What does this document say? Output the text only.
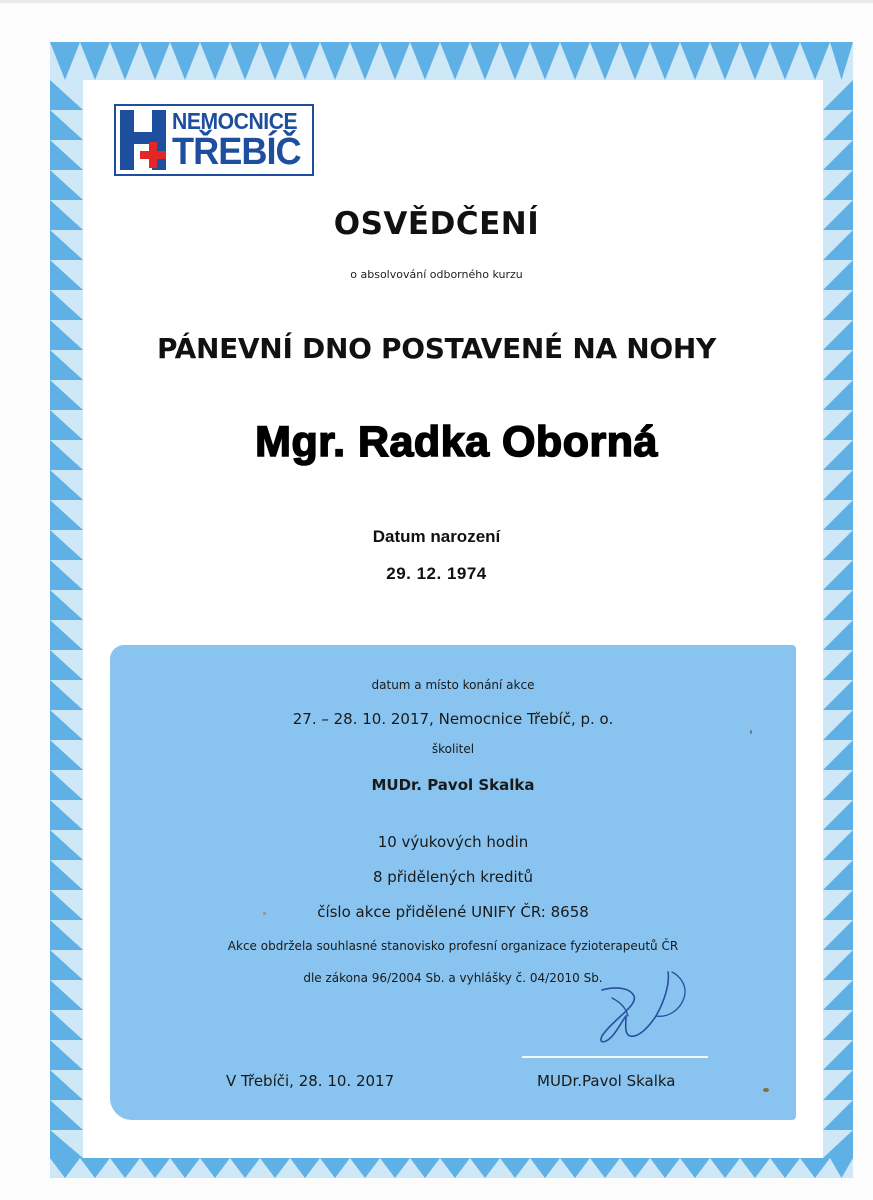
NEMOCNICE
TŘEBÍČ
OSVĚDČENÍ
o absolvování odborného kurzu
PÁNEVNÍ DNO POSTAVENÉ NA NOHY
Mgr. Radka Oborná
Datum narození
29. 12. 1974
datum a místo konání akce
27. – 28. 10. 2017, Nemocnice Třebíč, p. o.
školitel
MUDr. Pavol Skalka
10 výukových hodin
8 přidělených kreditů
číslo akce přidělené UNIFY ČR: 8658
Akce obdržela souhlasné stanovisko profesní organizace fyzioterapeutů ČR
dle zákona 96/2004 Sb. a vyhlášky č. 04/2010 Sb.
V Třebíči, 28. 10. 2017	MUDr.Pavol Skalka
